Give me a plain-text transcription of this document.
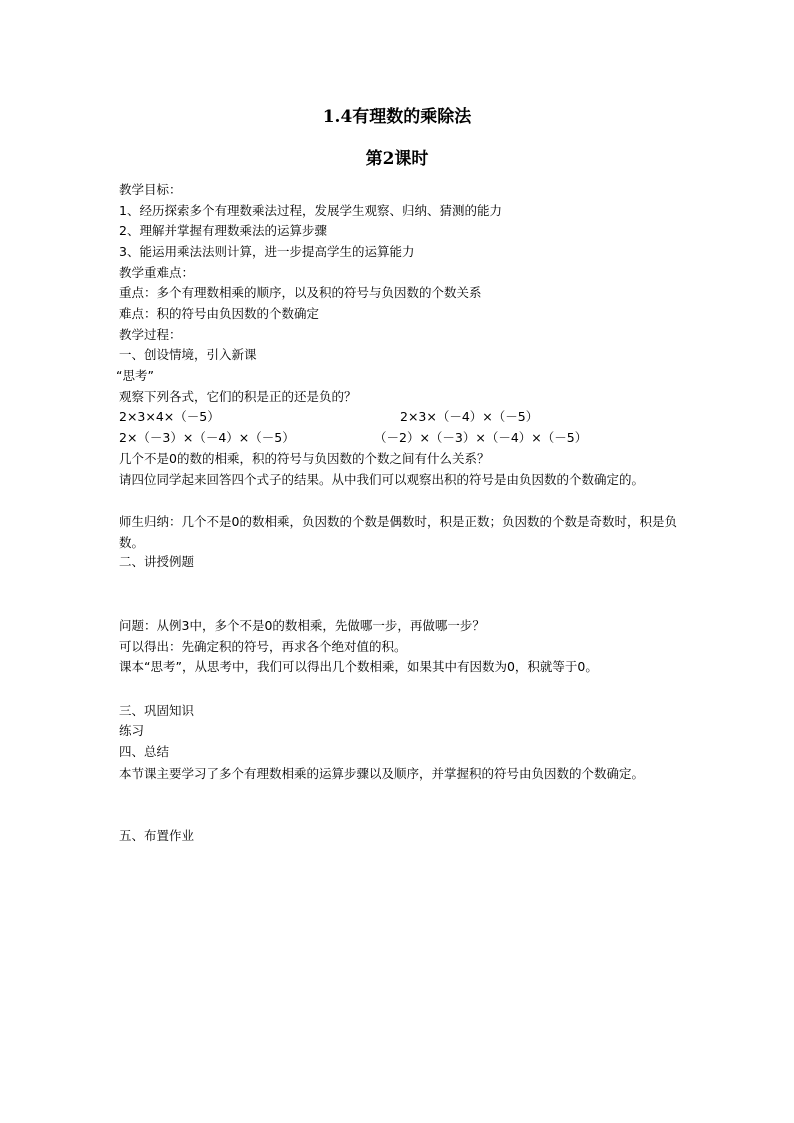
1.4有理数的乘除法
第2课时
教学目标：
1、经历探索多个有理数乘法过程，发展学生观察、归纳、猜测的能力
2、理解并掌握有理数乘法的运算步骤
3、能运用乘法法则计算，进一步提高学生的运算能力
教学重难点：
重点：多个有理数相乘的顺序，以及积的符号与负因数的个数关系
难点：积的符号由负因数的个数确定
教学过程：
一、创设情境，引入新课
“思考”
观察下列各式，它们的积是正的还是负的？
2×3×4×（－5）	2×3×（－4）×（－5）
2×（－3）×（－4）×（－5）	（－2）×（－3）×（－4）×（－5）
几个不是0的数的相乘，积的符号与负因数的个数之间有什么关系？
请四位同学起来回答四个式子的结果。从中我们可以观察出积的符号是由负因数的个数确定的。
师生归纳：几个不是0的数相乘，负因数的个数是偶数时，积是正数；负因数的个数是奇数时，积是负数。
二、讲授例题
问题：从例3中，多个不是0的数相乘，先做哪一步，再做哪一步？
可以得出：先确定积的符号，再求各个绝对值的积。
课本“思考”，从思考中，我们可以得出几个数相乘，如果其中有因数为0，积就等于0。
三、巩固知识
练习
四、总结
本节课主要学习了多个有理数相乘的运算步骤以及顺序，并掌握积的符号由负因数的个数确定。
五、布置作业
